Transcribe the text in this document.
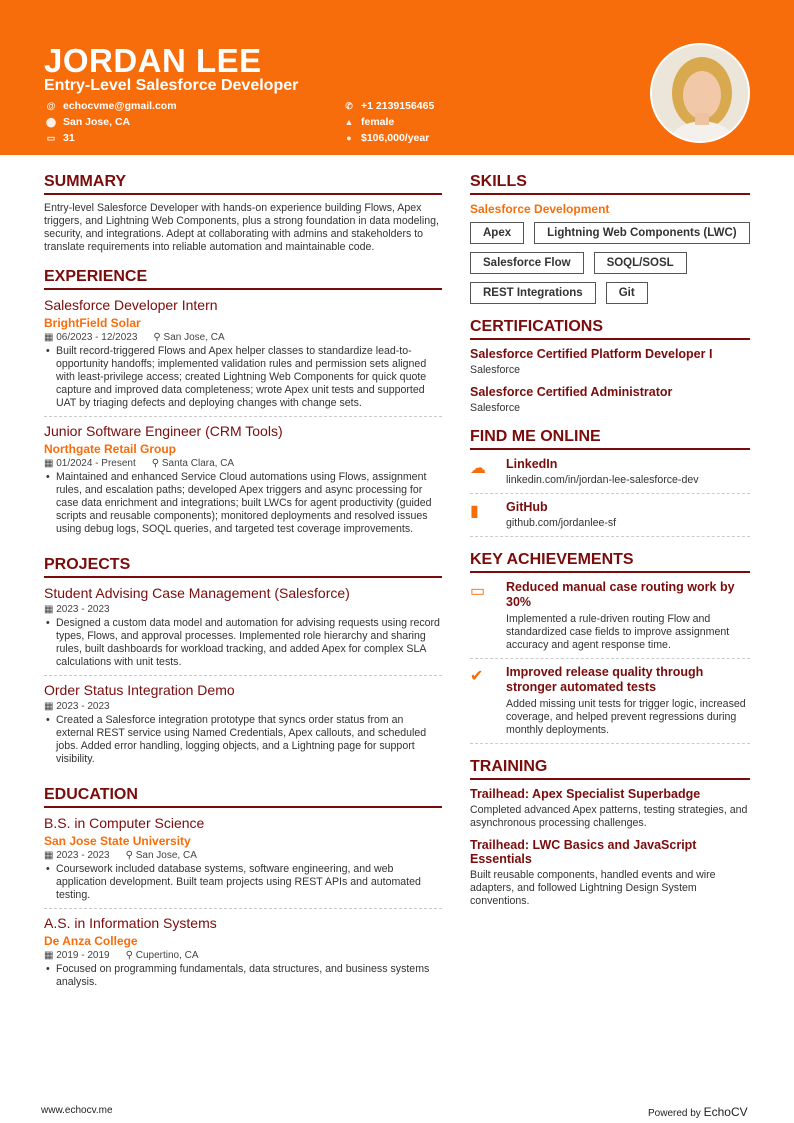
JORDAN LEE
Entry-Level Salesforce Developer
@ echocvme@gmail.com
⬤ San Jose, CA
▭ 31
✆ +1 2139156465
▲ female
● $106,000/year
SUMMARY
Entry-level Salesforce Developer with hands-on experience building Flows, Apex triggers, and Lightning Web Components, plus a strong foundation in data modeling, security, and integrations. Adept at collaborating with admins and stakeholders to translate requirements into reliable automation and maintainable code.
EXPERIENCE
Salesforce Developer Intern
BrightField Solar
▦ 06/2023 - 12/2023 ⚲ San Jose, CA
• Built record-triggered Flows and Apex helper classes to standardize lead-to-opportunity handoffs; implemented validation rules and permission sets aligned with least-privilege access; created Lightning Web Components for quick quote capture and improved data completeness; wrote Apex unit tests and supported UAT by triaging defects and deploying changes with change sets.
Junior Software Engineer (CRM Tools)
Northgate Retail Group
▦ 01/2024 - Present ⚲ Santa Clara, CA
• Maintained and enhanced Service Cloud automations using Flows, assignment rules, and escalation paths; developed Apex triggers and async processing for case data enrichment and integrations; built LWCs for agent productivity (guided scripts and reusable components); monitored deployments and resolved issues using debug logs, SOQL queries, and targeted test coverage improvements.
PROJECTS
Student Advising Case Management (Salesforce)
▦ 2023 - 2023
• Designed a custom data model and automation for advising requests using record types, Flows, and approval processes. Implemented role hierarchy and sharing rules, built dashboards for workload tracking, and added Apex for complex SLA calculations with unit tests.
Order Status Integration Demo
▦ 2023 - 2023
• Created a Salesforce integration prototype that syncs order status from an external REST service using Named Credentials, Apex callouts, and scheduled jobs. Added error handling, logging objects, and a Lightning page for support visibility.
EDUCATION
B.S. in Computer Science
San Jose State University
▦ 2023 - 2023 ⚲ San Jose, CA
• Coursework included database systems, software engineering, and web application development. Built team projects using REST APIs and automated testing.
A.S. in Information Systems
De Anza College
▦ 2019 - 2019 ⚲ Cupertino, CA
• Focused on programming fundamentals, data structures, and business systems analysis.
SKILLS
Salesforce Development
Apex	Lightning Web Components (LWC)
Salesforce Flow	SOQL/SOSL
REST Integrations	Git
CERTIFICATIONS
Salesforce Certified Platform Developer I
Salesforce
Salesforce Certified Administrator
Salesforce
FIND ME ONLINE
☁	LinkedIn
linkedin.com/in/jordan-lee-salesforce-dev
▮	GitHub
github.com/jordanlee-sf
KEY ACHIEVEMENTS
▭	Reduced manual case routing work by 30%
Implemented a rule-driven routing Flow and standardized case fields to improve assignment accuracy and agent response time.
✔	Improved release quality through stronger automated tests
Added missing unit tests for trigger logic, increased coverage, and helped prevent regressions during monthly deployments.
TRAINING
Trailhead: Apex Specialist Superbadge
Completed advanced Apex patterns, testing strategies, and asynchronous processing challenges.
Trailhead: LWC Basics and JavaScript Essentials
Built reusable components, handled events and wire adapters, and followed Lightning Design System conventions.
www.echocv.me	Powered by EchoCV
